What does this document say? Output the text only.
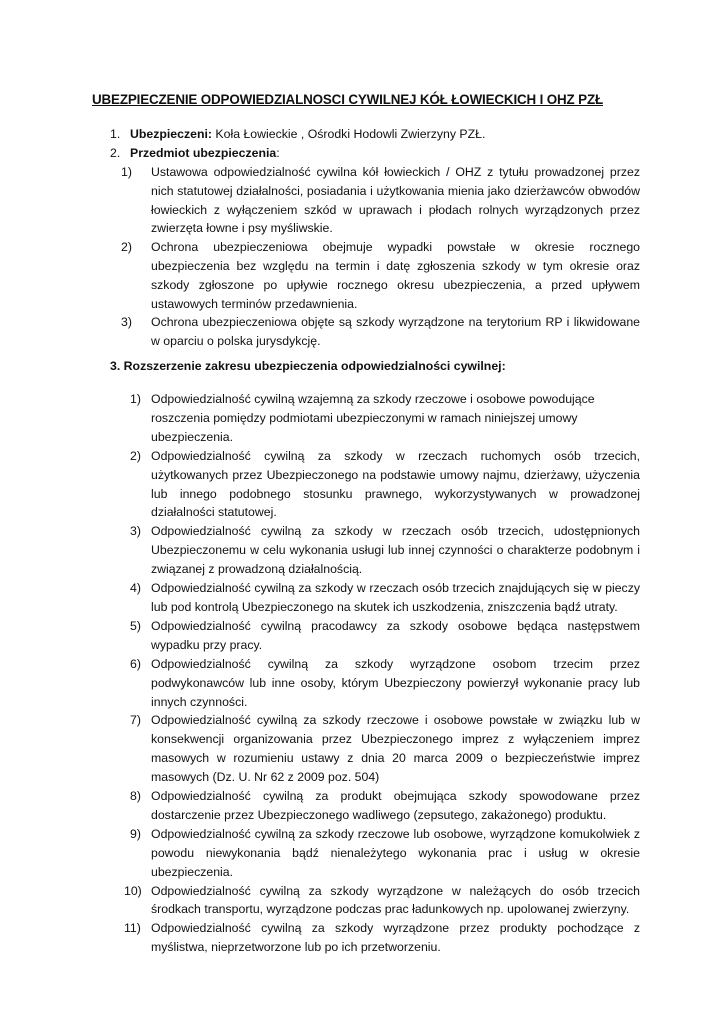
UBEZPIECZENIE ODPOWIEDZIALNOSCI CYWILNEJ KÓŁ ŁOWIECKICH I OHZ PZŁ
1. Ubezpieczeni: Koła Łowieckie , Ośrodki Hodowli Zwierzyny PZŁ.
2. Przedmiot ubezpieczenia:
1) Ustawowa odpowiedzialność cywilna kół łowieckich / OHZ z tytułu prowadzonej przez nich statutowej działalności, posiadania i użytkowania mienia jako dzierżawców obwodów łowieckich z wyłączeniem szkód w uprawach i płodach rolnych wyrządzonych przez zwierzęta łowne i psy myśliwskie.
2) Ochrona ubezpieczeniowa obejmuje wypadki powstałe w okresie rocznego ubezpieczenia bez względu na termin i datę zgłoszenia szkody w tym okresie oraz szkody zgłoszone po upływie rocznego okresu ubezpieczenia, a przed upływem ustawowych terminów przedawnienia.
3) Ochrona ubezpieczeniowa objęte są szkody wyrządzone na terytorium RP i likwidowane w oparciu o polska jurysdykcję.
3. Rozszerzenie zakresu ubezpieczenia odpowiedzialności cywilnej:
1) Odpowiedzialność cywilną wzajemną za szkody rzeczowe i osobowe powodujące roszczenia pomiędzy podmiotami ubezpieczonymi w ramach niniejszej umowy ubezpieczenia.
2) Odpowiedzialność cywilną za szkody w rzeczach ruchomych osób trzecich, użytkowanych przez Ubezpieczonego na podstawie umowy najmu, dzierżawy, użyczenia lub innego podobnego stosunku prawnego, wykorzystywanych w prowadzonej działalności statutowej.
3) Odpowiedzialność cywilną za szkody w rzeczach osób trzecich, udostępnionych Ubezpieczonemu w celu wykonania usługi lub innej czynności o charakterze podobnym i związanej z prowadzoną działalnością.
4) Odpowiedzialność cywilną za szkody w rzeczach osób trzecich znajdujących się w pieczy lub pod kontrolą Ubezpieczonego na skutek ich uszkodzenia, zniszczenia bądź utraty.
5) Odpowiedzialność cywilną pracodawcy za szkody osobowe będąca następstwem wypadku przy pracy.
6) Odpowiedzialność cywilną za szkody wyrządzone osobom trzecim przez podwykonawców lub inne osoby, którym Ubezpieczony powierzył wykonanie pracy lub innych czynności.
7) Odpowiedzialność cywilną za szkody rzeczowe i osobowe powstałe w związku lub w konsekwencji organizowania przez Ubezpieczonego imprez z wyłączeniem imprez masowych w rozumieniu ustawy z dnia 20 marca 2009 o bezpieczeństwie imprez masowych (Dz. U. Nr 62 z 2009 poz. 504)
8) Odpowiedzialność cywilną za produkt obejmująca szkody spowodowane przez dostarczenie przez Ubezpieczonego wadliwego (zepsutego, zakażonego) produktu.
9) Odpowiedzialność cywilną za szkody rzeczowe lub osobowe, wyrządzone komukolwiek z powodu niewykonania bądź nienależytego wykonania prac i usług w okresie ubezpieczenia.
10) Odpowiedzialność cywilną za szkody wyrządzone w należących do osób trzecich środkach transportu, wyrządzone podczas prac ładunkowych np. upolowanej zwierzyny.
11) Odpowiedzialność cywilną za szkody wyrządzone przez produkty pochodzące z myślistwa, nieprzetworzone lub po ich przetworzeniu.
